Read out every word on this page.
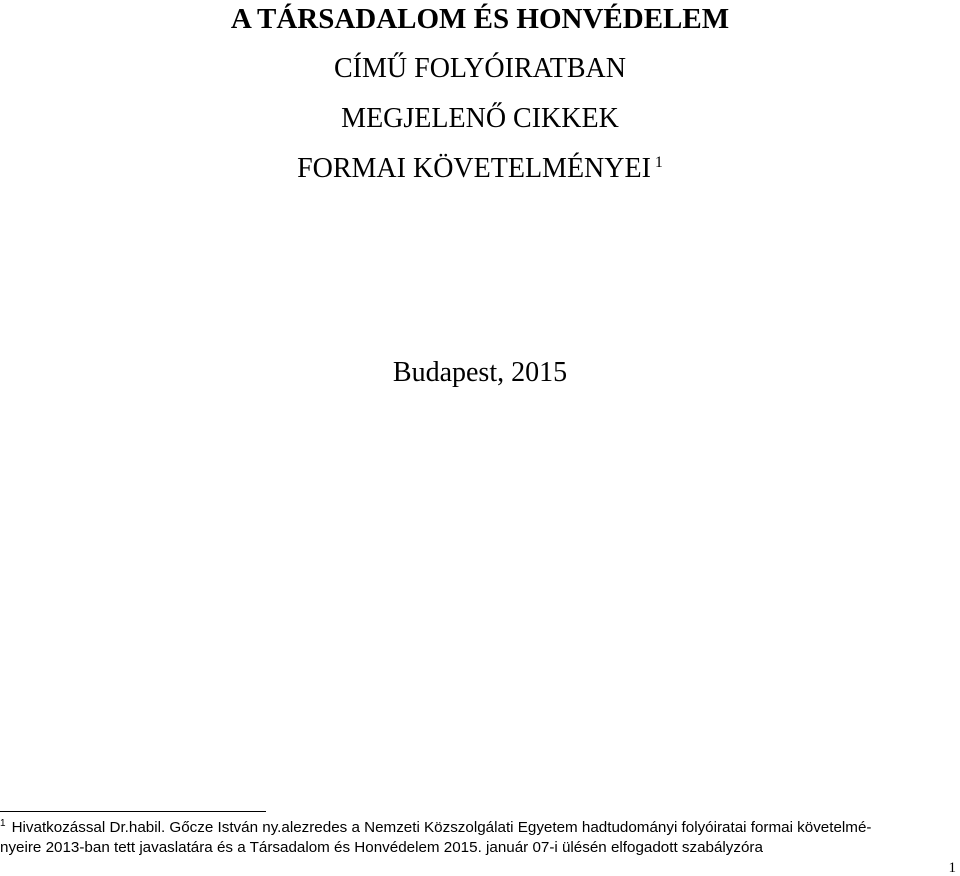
A TÁRSADALOM ÉS HONVÉDELEM
CÍMŰ FOLYÓIRATBAN
MEGJELENŐ CIKKEK
FORMAI KÖVETELMÉNYEI $^1$
Budapest, 2015
$^1$ Hivatkozással Dr.habil. Gőcze István ny.alezredes a Nemzeti Közszolgálati Egyetem hadtudományi folyóiratai formai követelmé-
nyeire 2013-ban tett javaslatára és a Társadalom és Honvédelem 2015. január 07-i ülésén elfogadott szabályzóra
1
